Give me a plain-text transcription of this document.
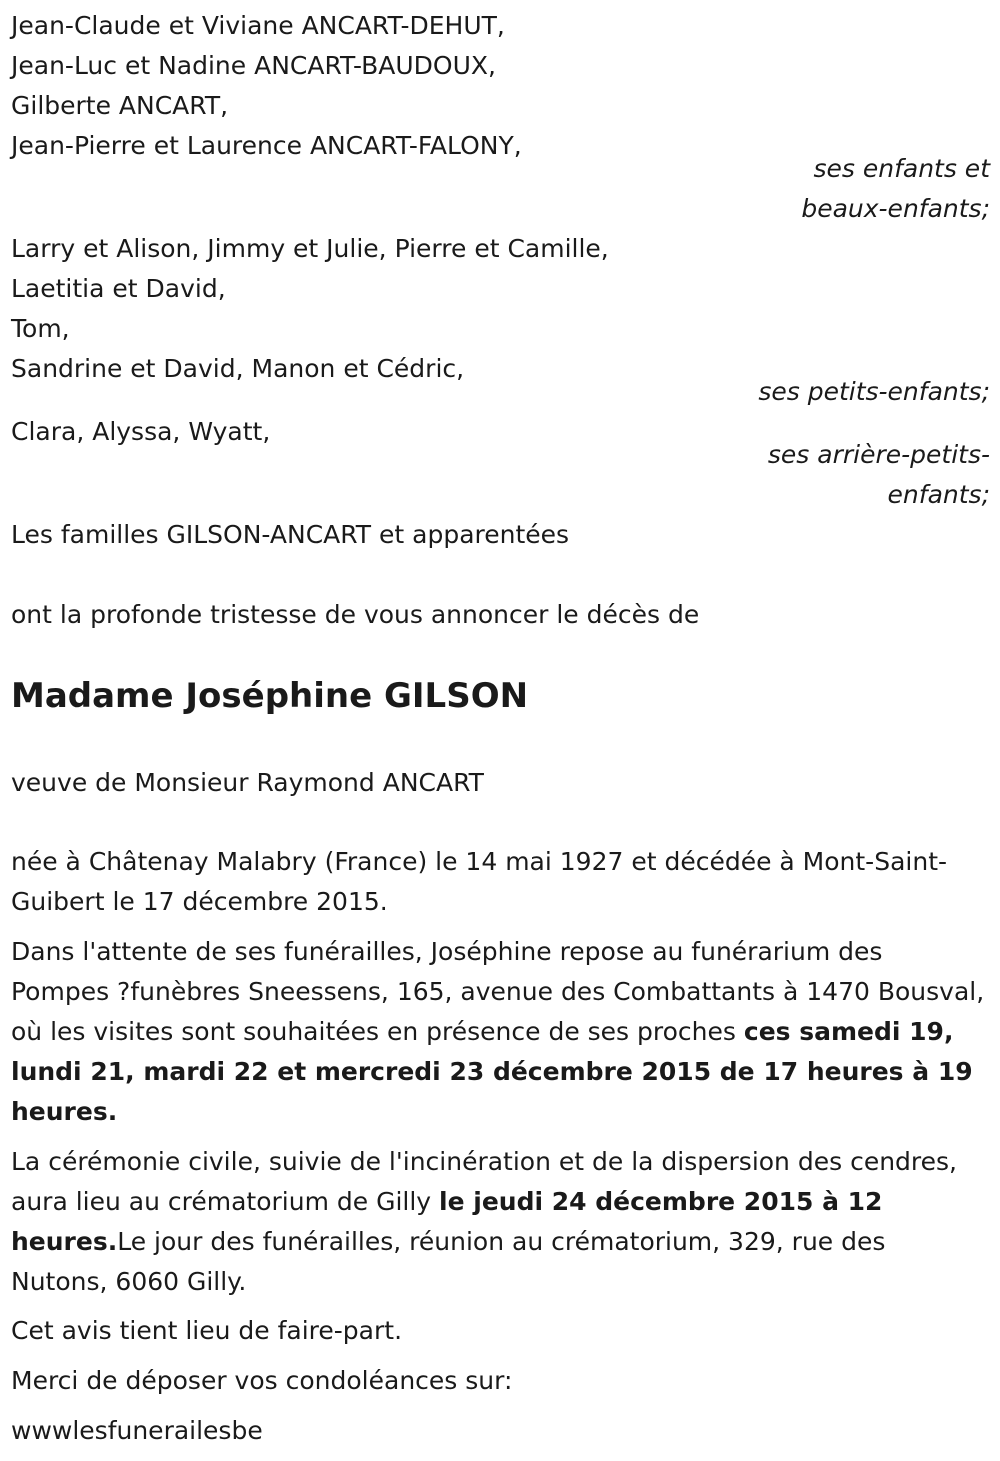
Jean-Claude et Viviane ANCART-DEHUT,
Jean-Luc et Nadine ANCART-BAUDOUX,
Gilberte ANCART,
Jean-Pierre et Laurence ANCART-FALONY,
ses enfants et
beaux-enfants;
Larry et Alison, Jimmy et Julie, Pierre et Camille,
Laetitia et David,
Tom,
Sandrine et David, Manon et Cédric,
ses petits-enfants;
Clara, Alyssa, Wyatt,
ses arrière-petits-
enfants;
Les familles GILSON-ANCART et apparentées
ont la profonde tristesse de vous annoncer le décès de
Madame Joséphine GILSON
veuve de Monsieur Raymond ANCART
née à Châtenay Malabry (France) le 14 mai 1927 et décédée à Mont-Saint-Guibert le 17 décembre 2015.
Dans l'attente de ses funérailles, Joséphine repose au funérarium des Pompes ?funèbres Sneessens, 165, avenue des Combattants à 1470 Bousval, où les visites sont souhaitées en présence de ses proches ces samedi 19, lundi 21, mardi 22 et mercredi 23 décembre 2015 de 17 heures à 19 heures.
La cérémonie civile, suivie de l'incinération et de la dispersion des cendres, aura lieu au crématorium de Gilly le jeudi 24 décembre 2015 à 12 heures.Le jour des funérailles, réunion au crématorium, 329, rue des Nutons, 6060 Gilly.
Cet avis tient lieu de faire-part.
Merci de déposer vos condoléances sur:
wwwlesfunerailesbe
